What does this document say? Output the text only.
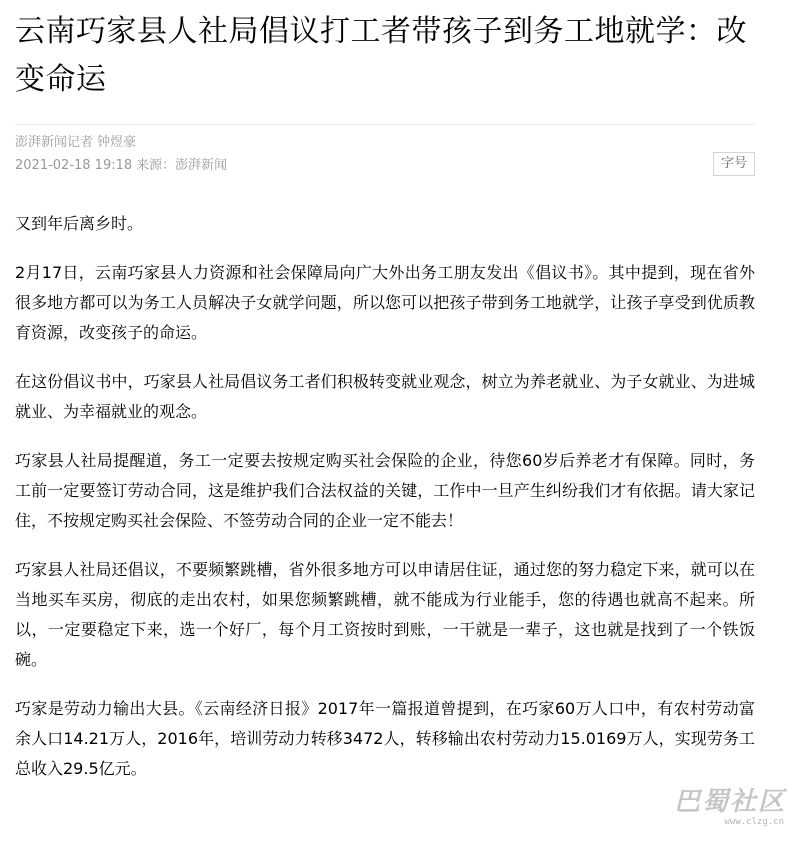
云南巧家县人社局倡议打工者带孩子到务工地就学：改变命运
澎湃新闻记者 钟煜豪
2021-02-18 19:18 来源：澎湃新闻	字号

又到年后离乡时。

2月17日，云南巧家县人力资源和社会保障局向广大外出务工朋友发出《倡议书》。其中提到，现在省外很多地方都可以为务工人员解决子女就学问题，所以您可以把孩子带到务工地就学，让孩子享受到优质教育资源，改变孩子的命运。

在这份倡议书中，巧家县人社局倡议务工者们积极转变就业观念，树立为养老就业、为子女就业、为进城就业、为幸福就业的观念。

巧家县人社局提醒道，务工一定要去按规定购买社会保险的企业，待您60岁后养老才有保障。同时，务工前一定要签订劳动合同，这是维护我们合法权益的关键，工作中一旦产生纠纷我们才有依据。请大家记住，不按规定购买社会保险、不签劳动合同的企业一定不能去！

巧家县人社局还倡议，不要频繁跳槽，省外很多地方可以申请居住证，通过您的努力稳定下来，就可以在当地买车买房，彻底的走出农村，如果您频繁跳槽，就不能成为行业能手，您的待遇也就高不起来。所以，一定要稳定下来，选一个好厂，每个月工资按时到账，一干就是一辈子，这也就是找到了一个铁饭碗。

巧家是劳动力输出大县。《云南经济日报》2017年一篇报道曾提到，在巧家60万人口中，有农村劳动富余人口14.21万人，2016年，培训劳动力转移3472人，转移输出农村劳动力15.0169万人，实现劳务工总收入29.5亿元。

巴蜀社区
www.clzg.cn
